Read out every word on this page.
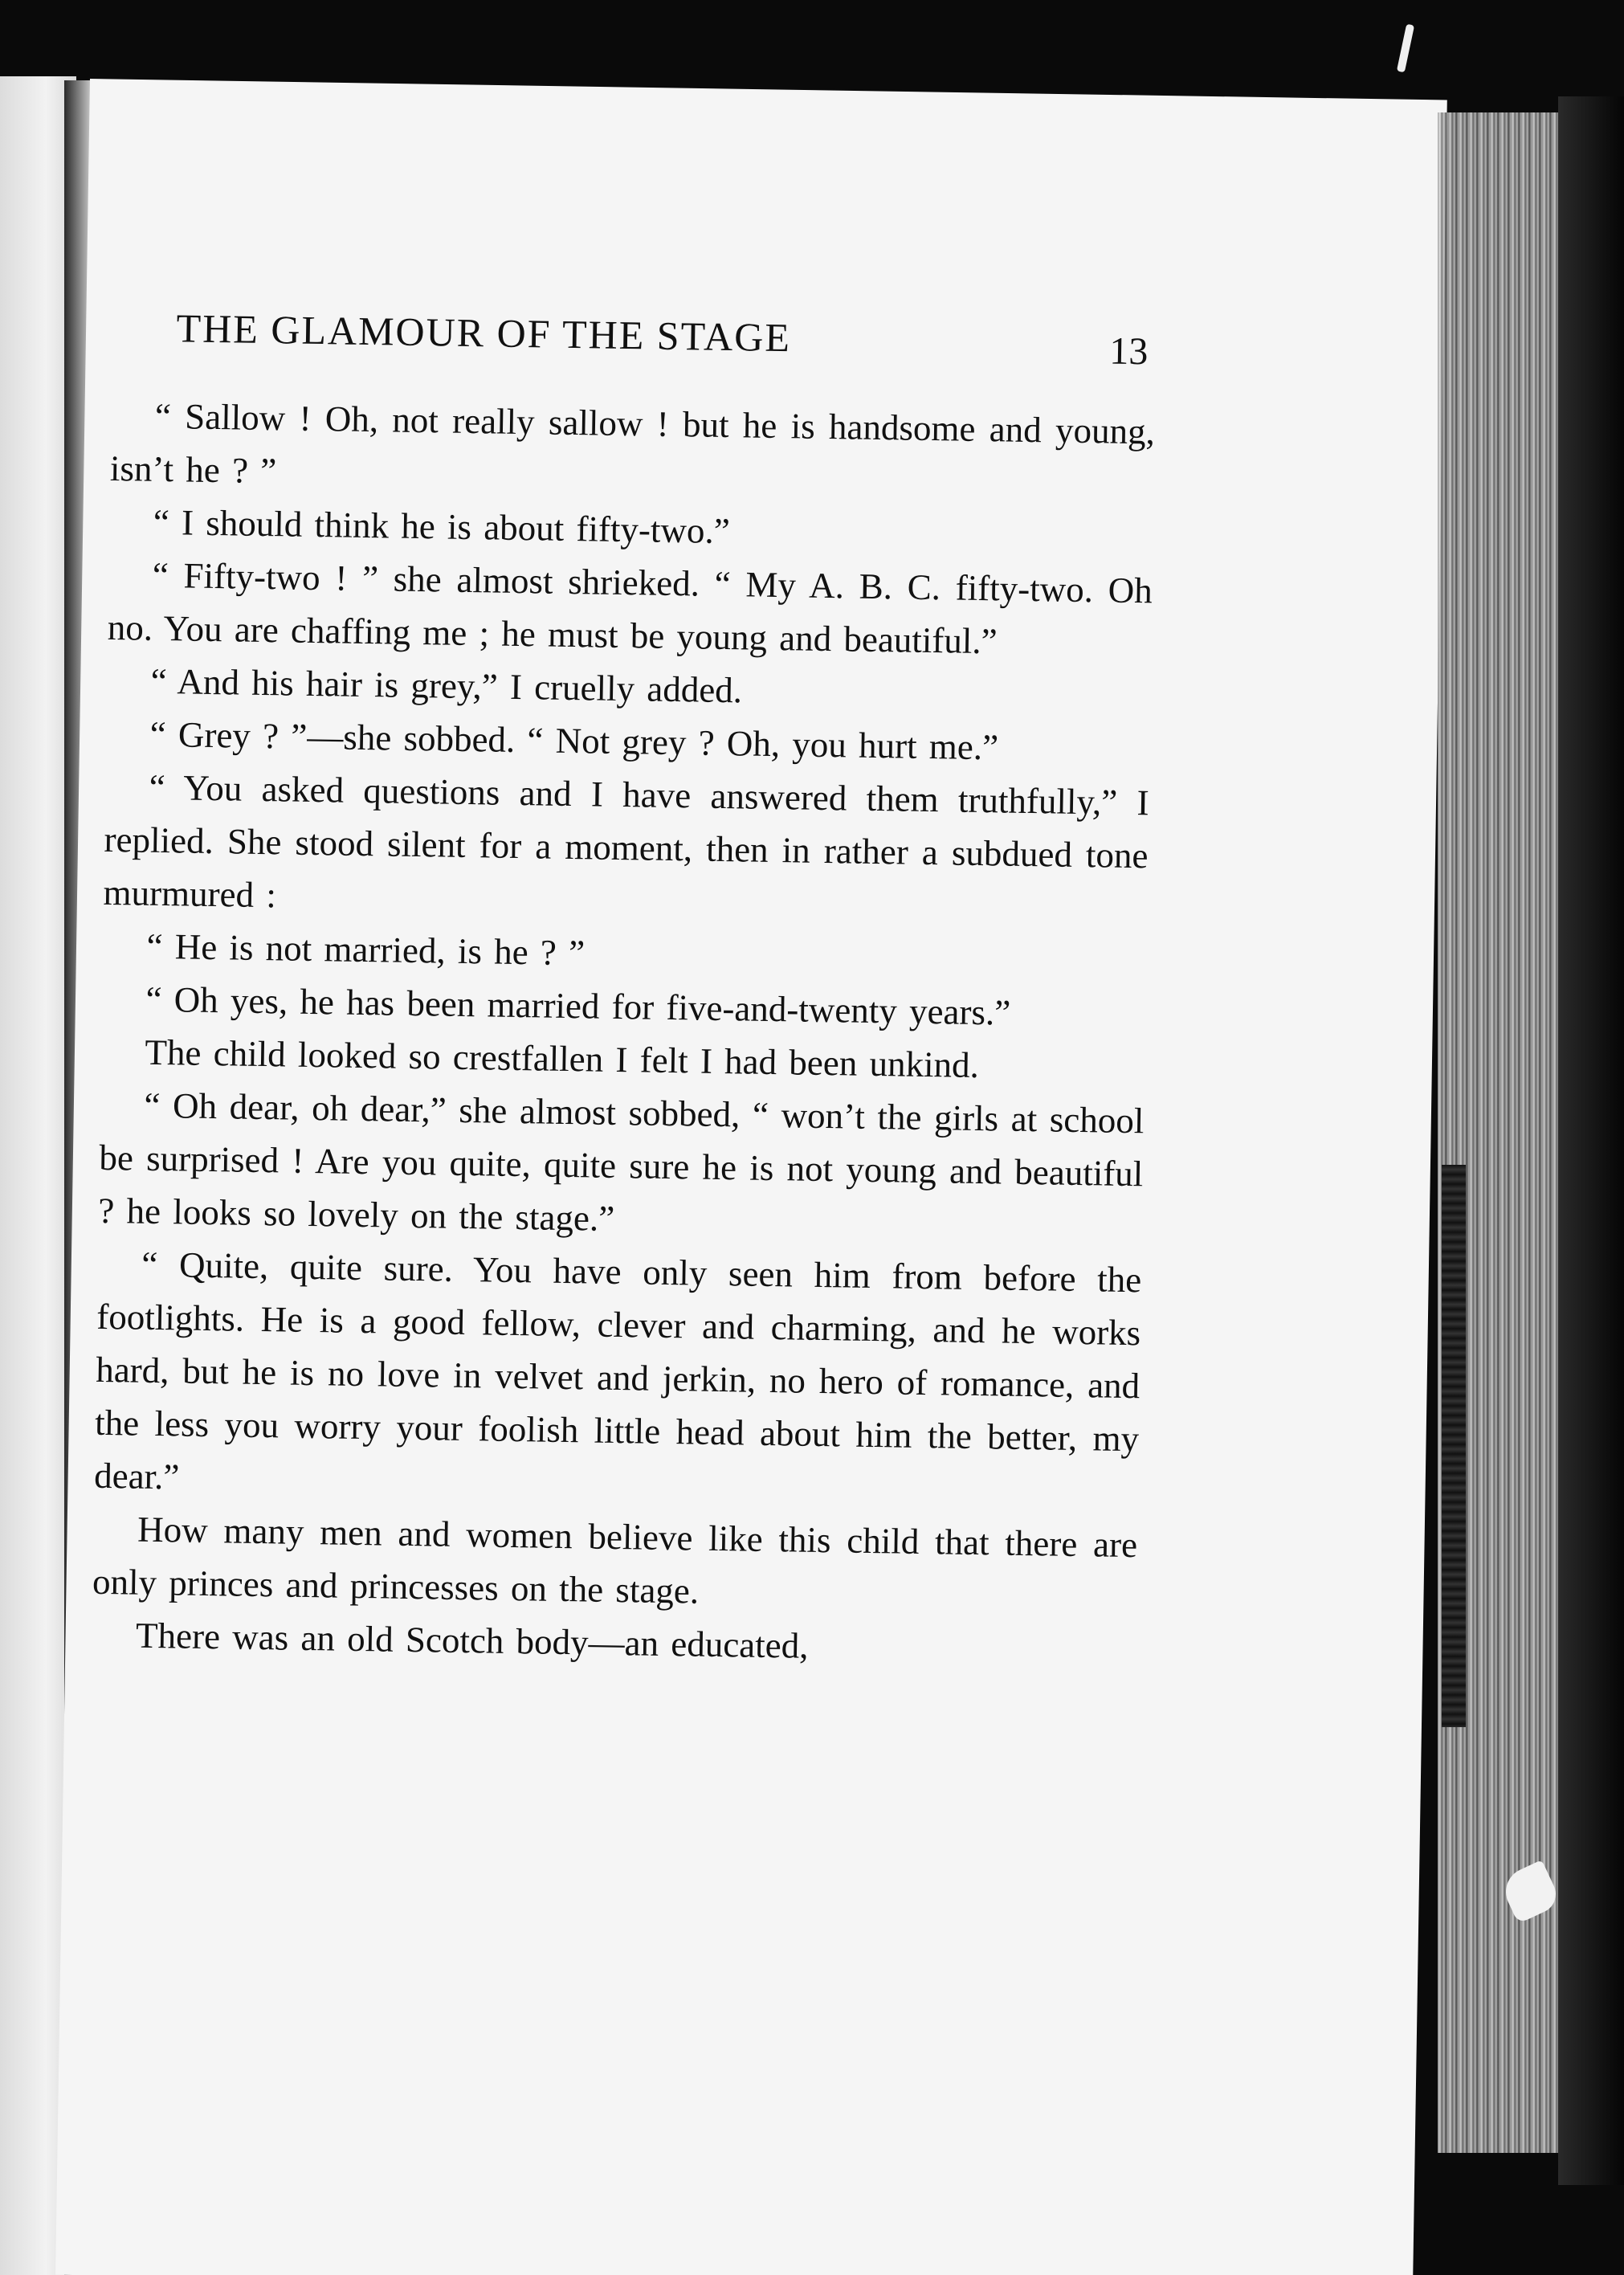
THE GLAMOUR OF THE STAGE	13

“ Sallow ! Oh, not really sallow ! but he is handsome and young, isn’t he ? ”

“ I should think he is about fifty-two.”

“ Fifty-two ! ” she almost shrieked. “ My A. B. C. fifty-two. Oh no. You are chaffing me ; he must be young and beautiful.”

“ And his hair is grey,” I cruelly added.

“ Grey ? ”—she sobbed. “ Not grey ? Oh, you hurt me.”

“ You asked questions and I have answered them truthfully,” I replied. She stood silent for a moment, then in rather a subdued tone murmured :

“ He is not married, is he ? ”

“ Oh yes, he has been married for five-and-twenty years.”

The child looked so crestfallen I felt I had been unkind.

“ Oh dear, oh dear,” she almost sobbed, “ won’t the girls at school be surprised ! Are you quite, quite sure he is not young and beautiful ? he looks so lovely on the stage.”

“ Quite, quite sure. You have only seen him from before the footlights. He is a good fellow, clever and charming, and he works hard, but he is no love in velvet and jerkin, no hero of romance, and the less you worry your foolish little head about him the better, my dear.”

How many men and women believe like this child that there are only princes and princesses on the stage.

There was an old Scotch body—an educated,
